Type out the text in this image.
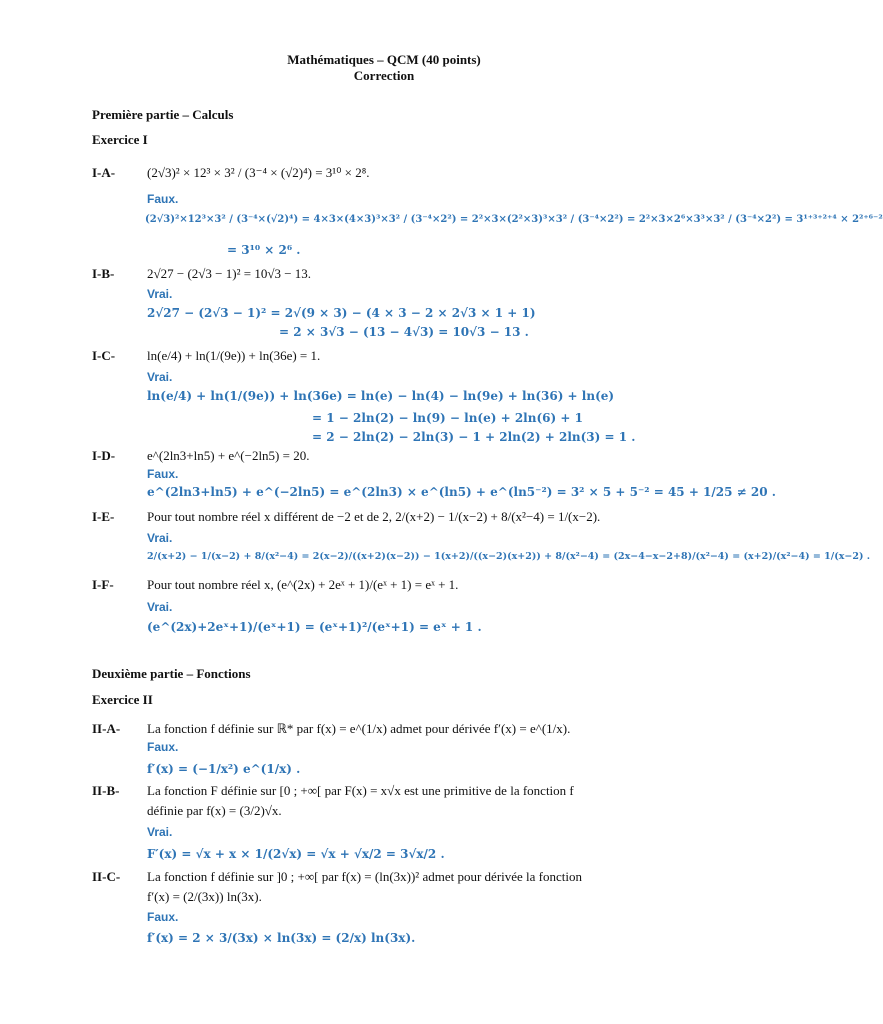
Mathématiques – QCM (40 points)
Correction
Première partie – Calculs
Exercice I
I-A- (2√3)² × 12³ × 3² / (3⁻⁴ × (√2)⁴) = 3¹⁰ × 2⁸.
Faux.
(2√3)²×12³×3² / (3⁻⁴×(√2)⁴) = 4×3×(4×3)³×3² / (3⁻⁴×2²) = 2²×3×(2²×3)³×3² / (3⁻⁴×2²) = 2²×3×2⁶×3³×3² / (3⁻⁴×2²) = 3¹⁺³⁺²⁺⁴ × 2²⁺⁶⁻²
= 3¹⁰ × 2⁶ .
I-B-	2√27 − (2√3 − 1)² = 10√3 − 13.
Vrai.
2√27 − (2√3 − 1)² = 2√(9 × 3) − (4 × 3 − 2 × 2√3 × 1 + 1)
= 2 × 3√3 − (13 − 4√3) = 10√3 − 13 .
I-C- ln(e/4) + ln(1/(9e)) + ln(36e) = 1.
Vrai.
ln(e/4) + ln(1/(9e)) + ln(36e) = ln(e) − ln(4) − ln(9e) + ln(36) + ln(e)
= 1 − 2ln(2) − ln(9) − ln(e) + 2ln(6) + 1
= 2 − 2ln(2) − 2ln(3) − 1 + 2ln(2) + 2ln(3) = 1 .
I-D- e^(2ln3+ln5) + e^(−2ln5) = 20.
Faux.
e^(2ln3+ln5) + e^(−2ln5) = e^(2ln3) × e^(ln5) + e^(ln5⁻²) = 3² × 5 + 5⁻² = 45 + 1/25 ≠ 20 .
I-E-	Pour tout nombre réel x différent de −2 et de 2, 2/(x+2) − 1/(x−2) + 8/(x²−4) = 1/(x−2).
Vrai.
2/(x+2) − 1/(x−2) + 8/(x²−4) = 2(x−2)/((x+2)(x−2)) − 1(x+2)/((x−2)(x+2)) + 8/(x²−4) = (2x−4−x−2+8)/(x²−4) = (x+2)/(x²−4) = 1/(x−2) .
I-F-	Pour tout nombre réel x, (e^(2x) + 2eˣ + 1)/(eˣ + 1) = eˣ + 1.
Vrai.
(e^(2x)+2eˣ+1)/(eˣ+1) = (eˣ+1)²/(eˣ+1) = eˣ + 1 .
Deuxième partie – Fonctions
Exercice II
II-A- La fonction f définie sur ℝ* par f(x) = e^(1/x) admet pour dérivée f′(x) = e^(1/x).
Faux.
f′(x) = (−1/x²) e^(1/x) .
II-B- La fonction F définie sur [0 ; +∞[ par F(x) = x√x est une primitive de la fonction f
définie par f(x) = (3/2)√x.
Vrai.
F′(x) = √x + x × 1/(2√x) = √x + √x/2 = 3√x/2 .
II-C- La fonction f définie sur ]0 ; +∞[ par f(x) = (ln(3x))² admet pour dérivée la fonction
f′(x) = (2/(3x)) ln(3x).
Faux.
f′(x) = 2 × 3/(3x) × ln(3x) = (2/x) ln(3x).
